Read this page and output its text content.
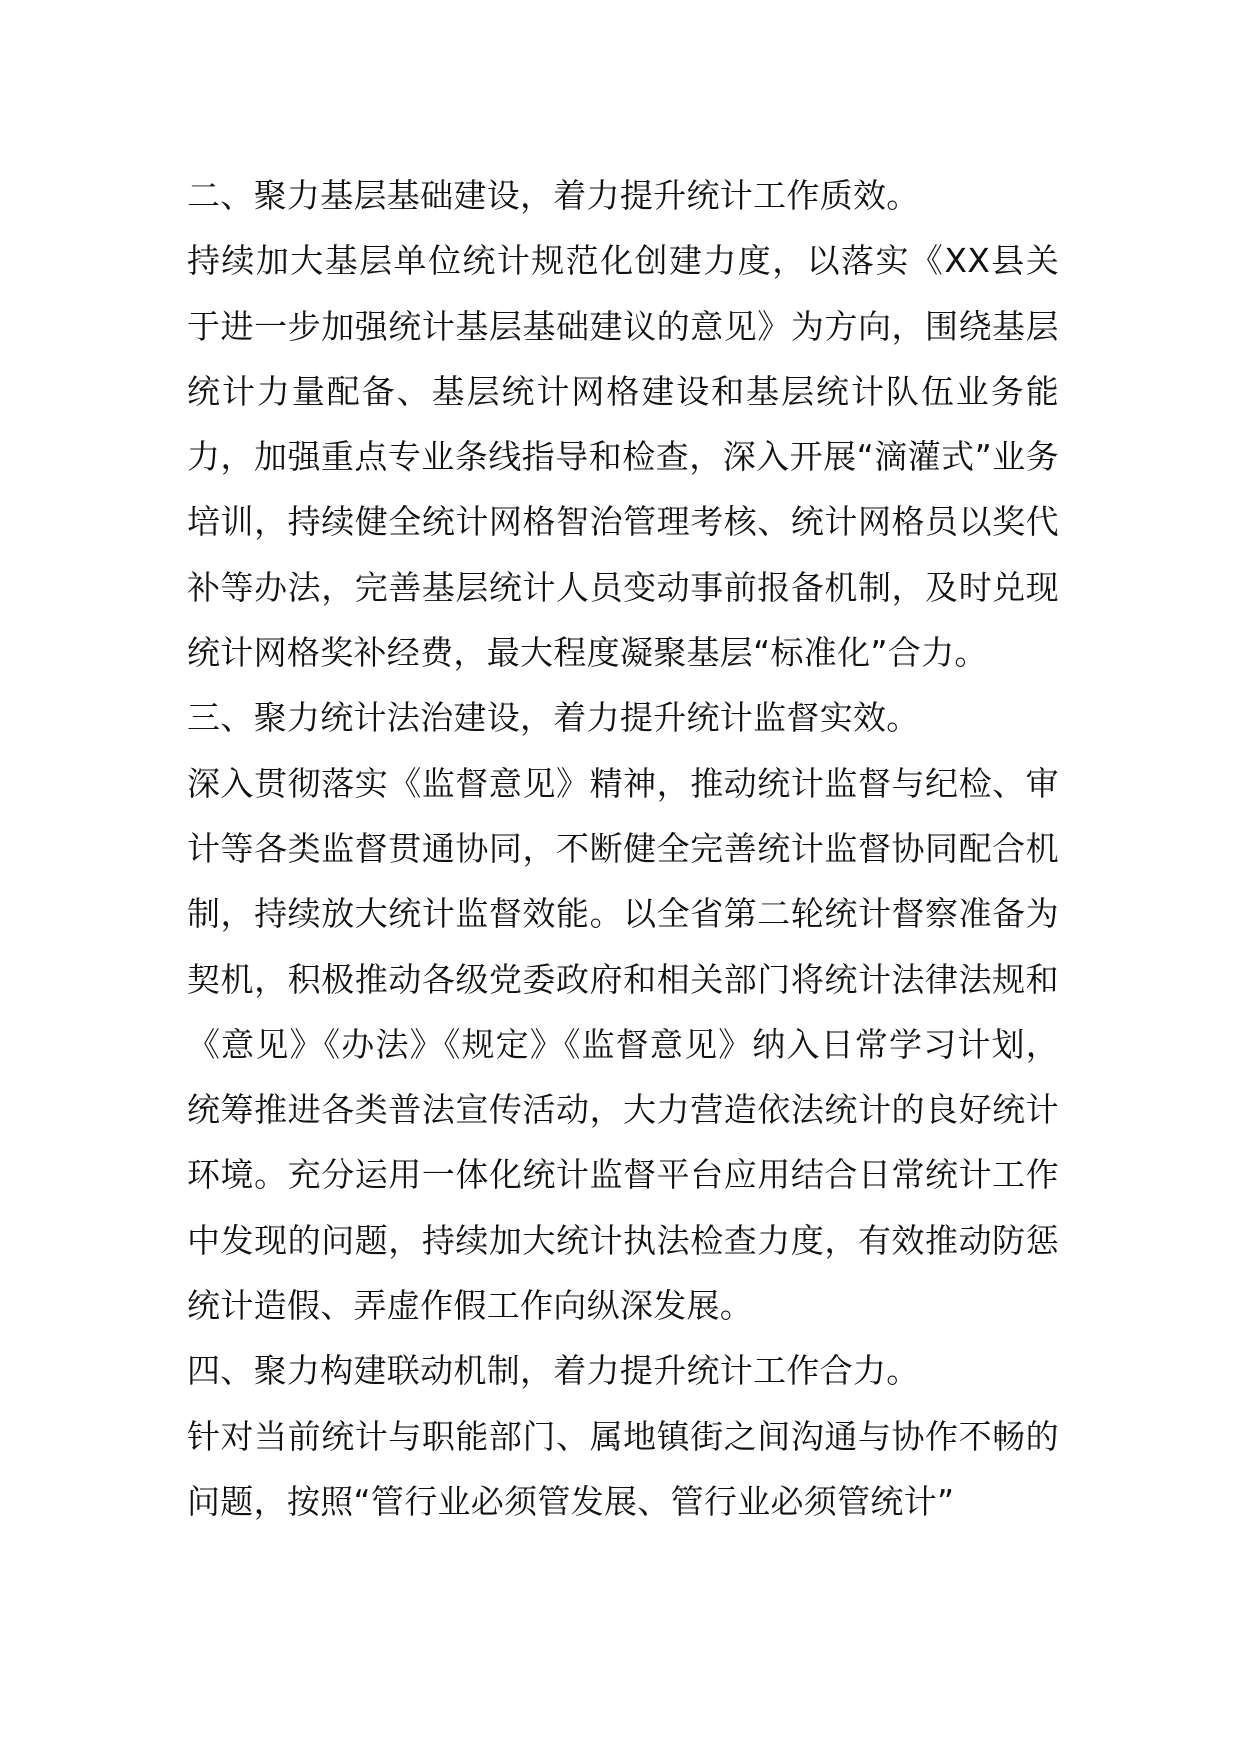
二、聚力基层基础建设，着力提升统计工作质效。

持续加大基层单位统计规范化创建力度，以落实《XX县关于进一步加强统计基层基础建议的意见》为方向，围绕基层统计力量配备、基层统计网格建设和基层统计队伍业务能力，加强重点专业条线指导和检查，深入开展“滴灌式”业务培训，持续健全统计网格智治管理考核、统计网格员以奖代补等办法，完善基层统计人员变动事前报备机制，及时兑现统计网格奖补经费，最大程度凝聚基层“标准化”合力。

三、聚力统计法治建设，着力提升统计监督实效。

深入贯彻落实《监督意见》精神，推动统计监督与纪检、审计等各类监督贯通协同，不断健全完善统计监督协同配合机制，持续放大统计监督效能。以全省第二轮统计督察准备为契机，积极推动各级党委政府和相关部门将统计法律法规和《意见》《办法》《规定》《监督意见》纳入日常学习计划，统筹推进各类普法宣传活动，大力营造依法统计的良好统计环境。充分运用一体化统计监督平台应用结合日常统计工作中发现的问题，持续加大统计执法检查力度，有效推动防惩统计造假、弄虚作假工作向纵深发展。

四、聚力构建联动机制，着力提升统计工作合力。

针对当前统计与职能部门、属地镇街之间沟通与协作不畅的问题，按照“管行业必须管发展、管行业必须管统计”
